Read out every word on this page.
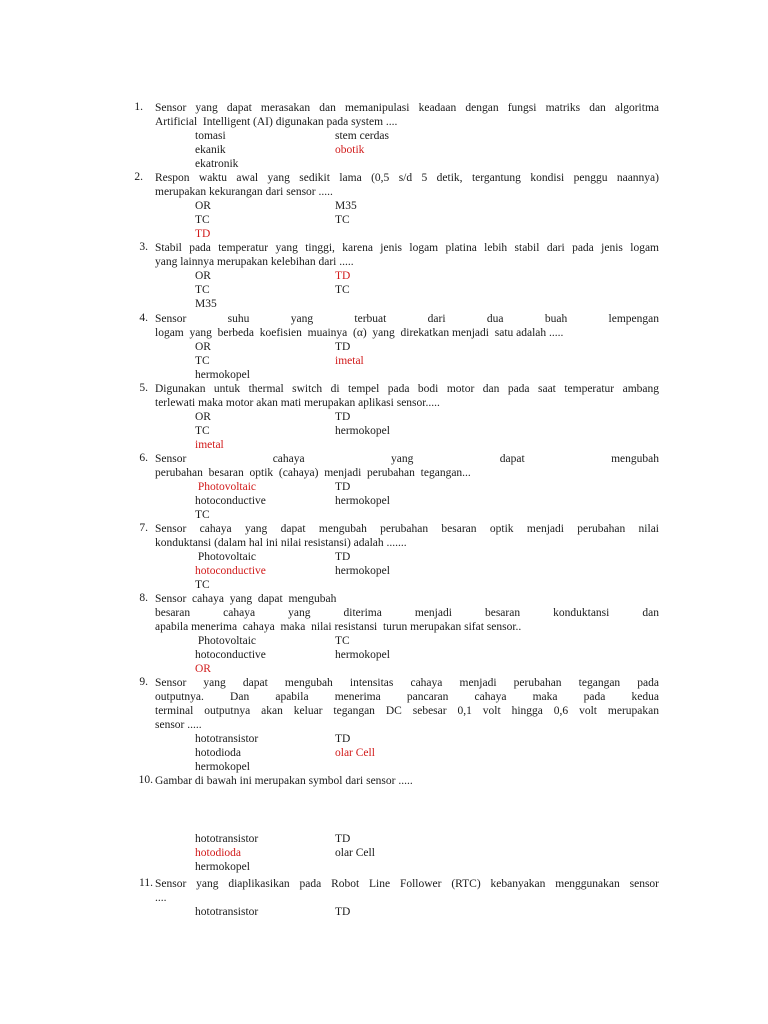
1. Sensor yang dapat merasakan dan memanipulasi keadaan dengan fungsi matriks dan algoritma
Artificial  Intelligent (AI) digunakan pada system ....
tomasi	stem cerdas
ekanik	obotik
ekatronik
2. Respon waktu awal yang sedikit lama (0,5 s/d 5 detik, tergantung kondisi penggu naannya)
merupakan kekurangan dari sensor .....
OR	M35
TC	TC
TD
3. Stabil pada temperatur yang tinggi, karena jenis logam platina lebih stabil dari pada jenis logam
yang lainnya merupakan kelebihan dari .....
OR	TD
TC	TC
M35
4. Sensor suhu yang terbuat dari dua buah lempengan
logam  yang  berbeda  koefisien  muainya  (α)  yang  direkatkan menjadi  satu adalah .....
OR	TD
TC	imetal
hermokopel
5. Digunakan untuk thermal switch di tempel pada bodi motor dan pada saat temperatur ambang
terlewati maka motor akan mati merupakan aplikasi sensor.....
OR	TD
TC	hermokopel
imetal
6. Sensor cahaya yang dapat mengubah
perubahan  besaran  optik  (cahaya)  menjadi  perubahan  tegangan...
Photovoltaic	TD
hotoconductive	hermokopel
TC
7. Sensor cahaya yang dapat mengubah perubahan besaran optik menjadi perubahan nilai
konduktansi (dalam hal ini nilai resistansi) adalah .......
Photovoltaic	TD
hotoconductive	hermokopel
TC
8. Sensor  cahaya  yang  dapat  mengubah
besaran cahaya yang diterima menjadi besaran konduktansi dan
apabila menerima  cahaya  maka  nilai resistansi  turun merupakan sifat sensor..
Photovoltaic	TC
hotoconductive	hermokopel
OR
9. Sensor yang dapat mengubah intensitas cahaya menjadi perubahan tegangan pada
outputnya. Dan apabila menerima pancaran cahaya maka pada kedua
terminal outputnya akan keluar tegangan DC sebesar 0,1 volt hingga 0,6 volt merupakan
sensor .....
hototransistor	TD
hotodioda	olar Cell
hermokopel
10. Gambar di bawah ini merupakan symbol dari sensor .....
hototransistor	TD
hotodioda	olar Cell
hermokopel
11. Sensor yang diaplikasikan pada Robot Line Follower (RTC) kebanyakan menggunakan sensor
....
hototransistor	TD
